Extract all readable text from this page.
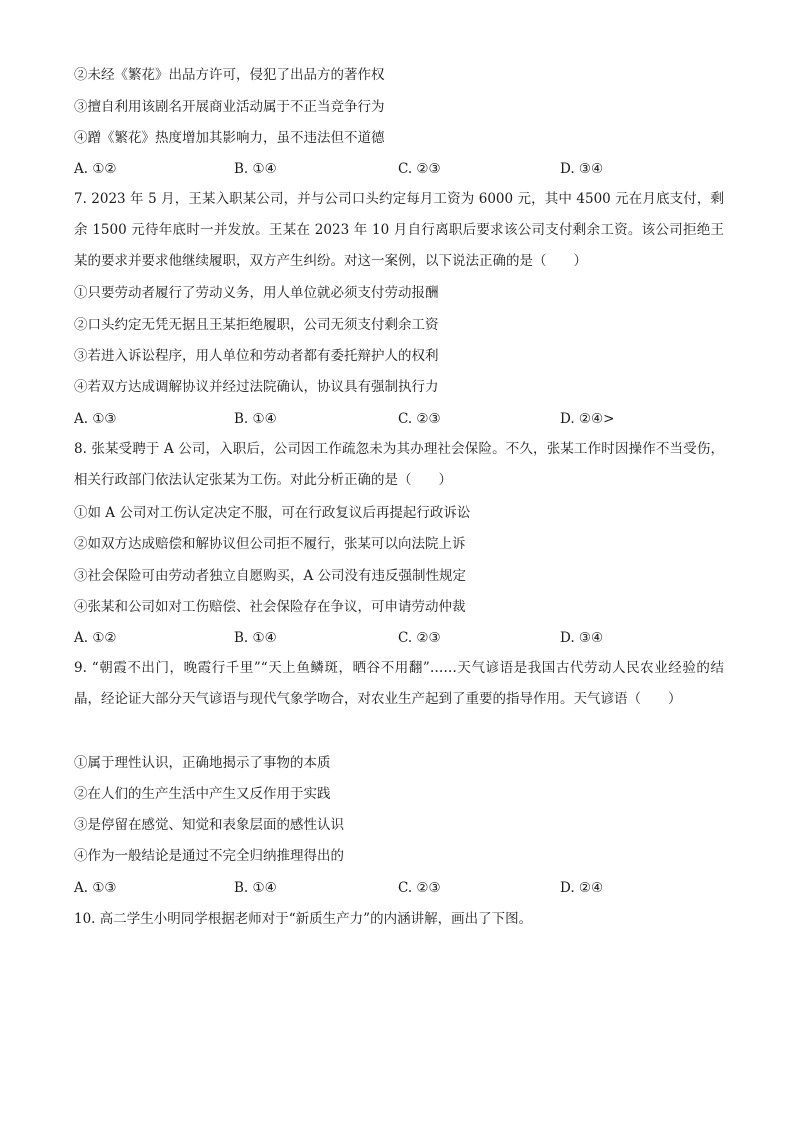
②未经《繁花》出品方许可，侵犯了出品方的著作权
③擅自利用该剧名开展商业活动属于不正当竞争行为
④蹭《繁花》热度增加其影响力，虽不违法但不道德
A. ①②	B. ①④	C. ②③	D. ③④
7. 2023 年 5 月，王某入职某公司，并与公司口头约定每月工资为 6000 元，其中 4500 元在月底支付，剩余 1500 元待年底时一并发放。王某在 2023 年 10 月自行离职后要求该公司支付剩余工资。该公司拒绝王某的要求并要求他继续履职，双方产生纠纷。对这一案例，以下说法正确的是（　　）
①只要劳动者履行了劳动义务，用人单位就必须支付劳动报酬
②口头约定无凭无据且王某拒绝履职，公司无须支付剩余工资
③若进入诉讼程序，用人单位和劳动者都有委托辩护人的权利
④若双方达成调解协议并经过法院确认，协议具有强制执行力
A. ①③	B. ①④	C. ②③	D. ②④>
8. 张某受聘于 A 公司，入职后，公司因工作疏忽未为其办理社会保险。不久，张某工作时因操作不当受伤，相关行政部门依法认定张某为工伤。对此分析正确的是（　　）
①如 A 公司对工伤认定决定不服，可在行政复议后再提起行政诉讼
②如双方达成赔偿和解协议但公司拒不履行，张某可以向法院上诉
③社会保险可由劳动者独立自愿购买，A 公司没有违反强制性规定
④张某和公司如对工伤赔偿、社会保险存在争议，可申请劳动仲裁
A. ①②	B. ①④	C. ②③	D. ③④
9. “朝霞不出门，晚霞行千里”“天上鱼鳞斑，晒谷不用翻”……天气谚语是我国古代劳动人民农业经验的结晶，经论证大部分天气谚语与现代气象学吻合，对农业生产起到了重要的指导作用。天气谚语（　　）
①属于理性认识，正确地揭示了事物的本质
②在人们的生产生活中产生又反作用于实践
③是停留在感觉、知觉和表象层面的感性认识
④作为一般结论是通过不完全归纳推理得出的
A. ①③	B. ①④	C. ②③	D. ②④
10. 高二学生小明同学根据老师对于“新质生产力”的内涵讲解，画出了下图。
